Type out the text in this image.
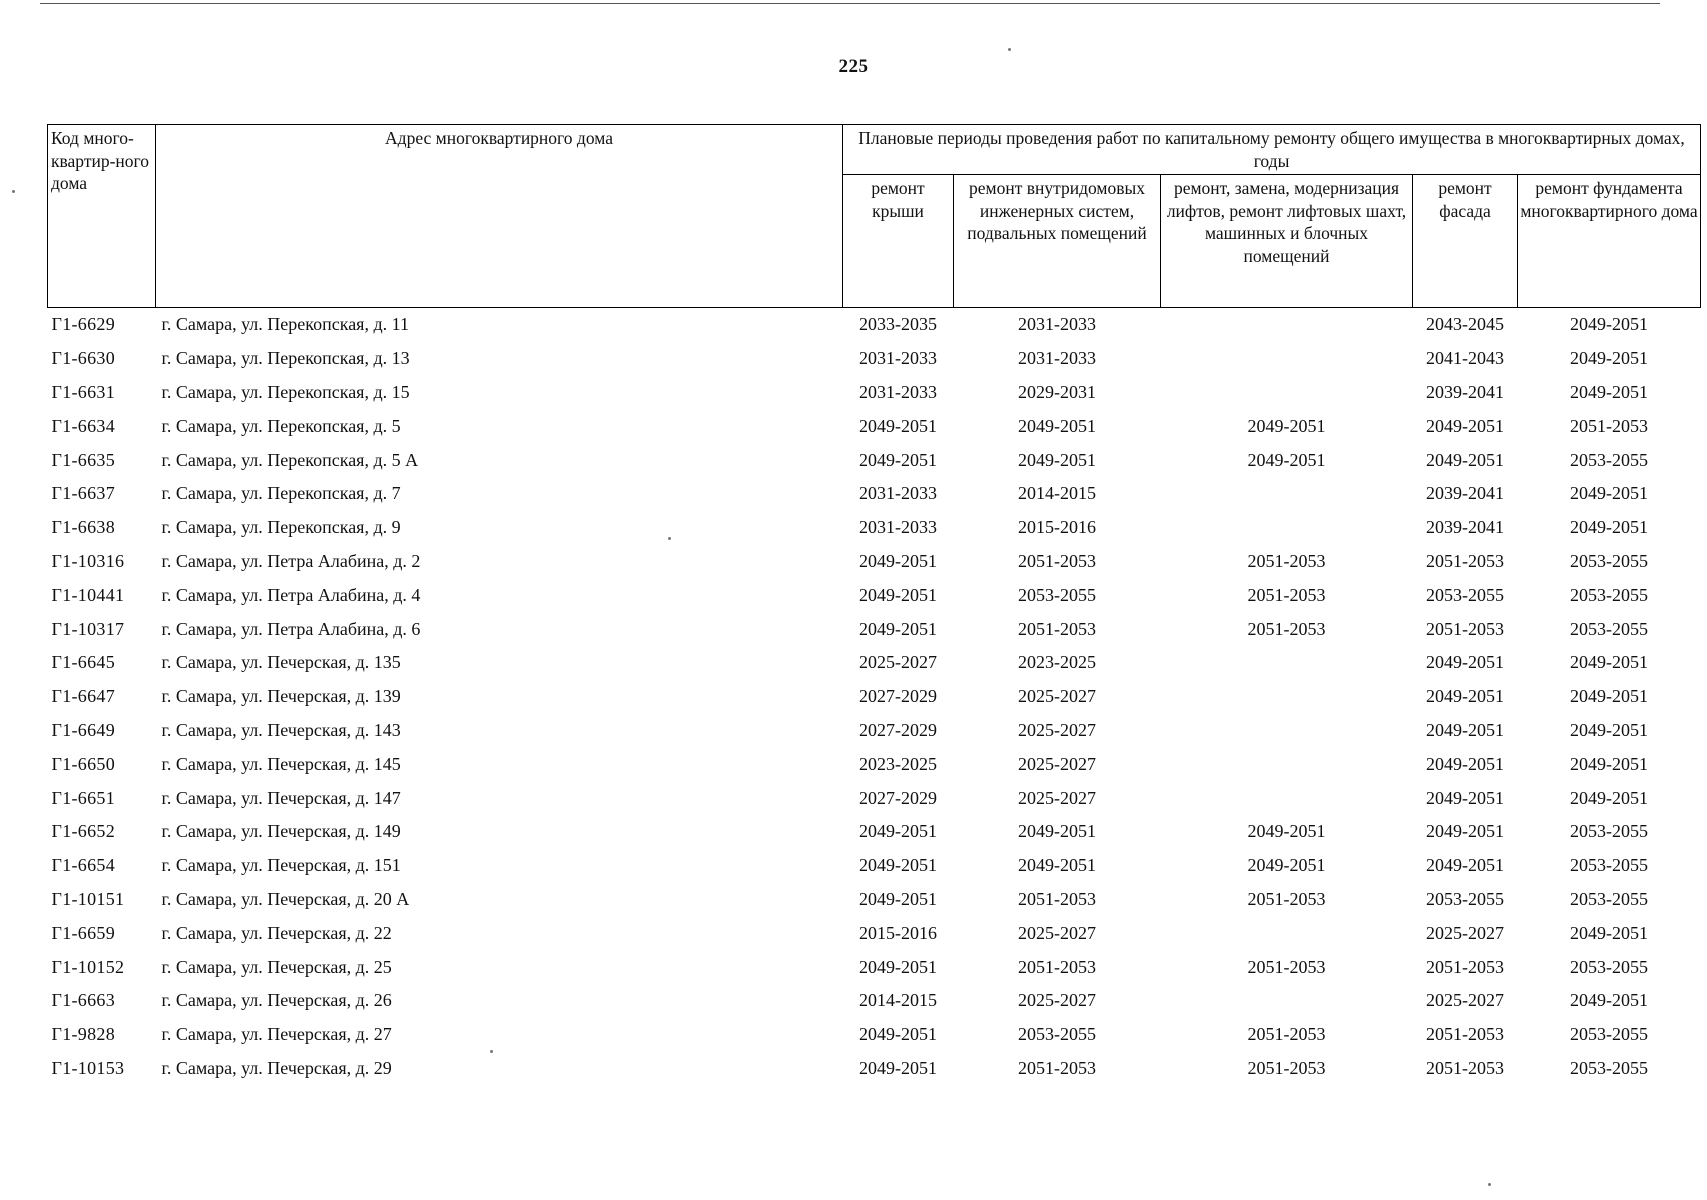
225
Код много-квартир-ного дома	Адрес многоквартирного дома	Плановые периоды проведения работ по капитальному ремонту общего имущества в многоквартирных домах, годы				
		ремонт крыши	ремонт внутридомовых инженерных систем, подвальных помещений	ремонт, замена, модернизация лифтов, ремонт лифтовых шахт, машинных и блочных помещений	ремонт фасада	ремонт фундамента многоквартирного дома
Г1-6629	г. Самара, ул. Перекопская, д. 11	2033-2035	2031-2033		2043-2045	2049-2051
Г1-6630	г. Самара, ул. Перекопская, д. 13	2031-2033	2031-2033		2041-2043	2049-2051
Г1-6631	г. Самара, ул. Перекопская, д. 15	2031-2033	2029-2031		2039-2041	2049-2051
Г1-6634	г. Самара, ул. Перекопская, д. 5	2049-2051	2049-2051	2049-2051	2049-2051	2051-2053
Г1-6635	г. Самара, ул. Перекопская, д. 5 А	2049-2051	2049-2051	2049-2051	2049-2051	2053-2055
Г1-6637	г. Самара, ул. Перекопская, д. 7	2031-2033	2014-2015		2039-2041	2049-2051
Г1-6638	г. Самара, ул. Перекопская, д. 9	2031-2033	2015-2016		2039-2041	2049-2051
Г1-10316	г. Самара, ул. Петра Алабина, д. 2	2049-2051	2051-2053	2051-2053	2051-2053	2053-2055
Г1-10441	г. Самара, ул. Петра Алабина, д. 4	2049-2051	2053-2055	2051-2053	2053-2055	2053-2055
Г1-10317	г. Самара, ул. Петра Алабина, д. 6	2049-2051	2051-2053	2051-2053	2051-2053	2053-2055
Г1-6645	г. Самара, ул. Печерская, д. 135	2025-2027	2023-2025		2049-2051	2049-2051
Г1-6647	г. Самара, ул. Печерская, д. 139	2027-2029	2025-2027		2049-2051	2049-2051
Г1-6649	г. Самара, ул. Печерская, д. 143	2027-2029	2025-2027		2049-2051	2049-2051
Г1-6650	г. Самара, ул. Печерская, д. 145	2023-2025	2025-2027		2049-2051	2049-2051
Г1-6651	г. Самара, ул. Печерская, д. 147	2027-2029	2025-2027		2049-2051	2049-2051
Г1-6652	г. Самара, ул. Печерская, д. 149	2049-2051	2049-2051	2049-2051	2049-2051	2053-2055
Г1-6654	г. Самара, ул. Печерская, д. 151	2049-2051	2049-2051	2049-2051	2049-2051	2053-2055
Г1-10151	г. Самара, ул. Печерская, д. 20 А	2049-2051	2051-2053	2051-2053	2053-2055	2053-2055
Г1-6659	г. Самара, ул. Печерская, д. 22	2015-2016	2025-2027		2025-2027	2049-2051
Г1-10152	г. Самара, ул. Печерская, д. 25	2049-2051	2051-2053	2051-2053	2051-2053	2053-2055
Г1-6663	г. Самара, ул. Печерская, д. 26	2014-2015	2025-2027		2025-2027	2049-2051
Г1-9828	г. Самара, ул. Печерская, д. 27	2049-2051	2053-2055	2051-2053	2051-2053	2053-2055
Г1-10153	г. Самара, ул. Печерская, д. 29	2049-2051	2051-2053	2051-2053	2051-2053	2053-2055
